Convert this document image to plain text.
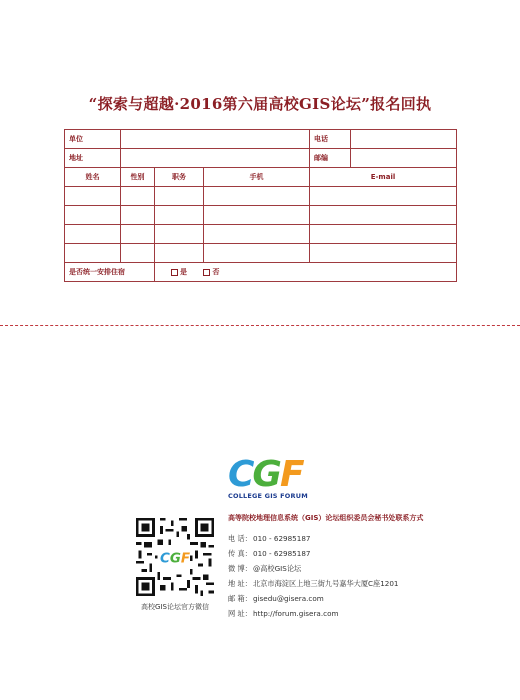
“探索与超越·2016第六届高校GIS论坛”报名回执
单位				电话

地址				邮编

姓名	性别	职务	手机	E-mail

是否统一安排住宿		是 否		
CGF
COLLEGE GIS FORUM
CGF
高校GIS论坛官方微信
高等院校地理信息系统（GIS）论坛组织委员会秘书处联系方式
电 话：010 - 62985187
传 真：010 - 62985187
微 博：@高校GIS论坛
地 址：北京市海淀区上地三街九号嘉华大厦C座1201
邮 箱：gisedu@gisera.com
网 址：http://forum.gisera.com
